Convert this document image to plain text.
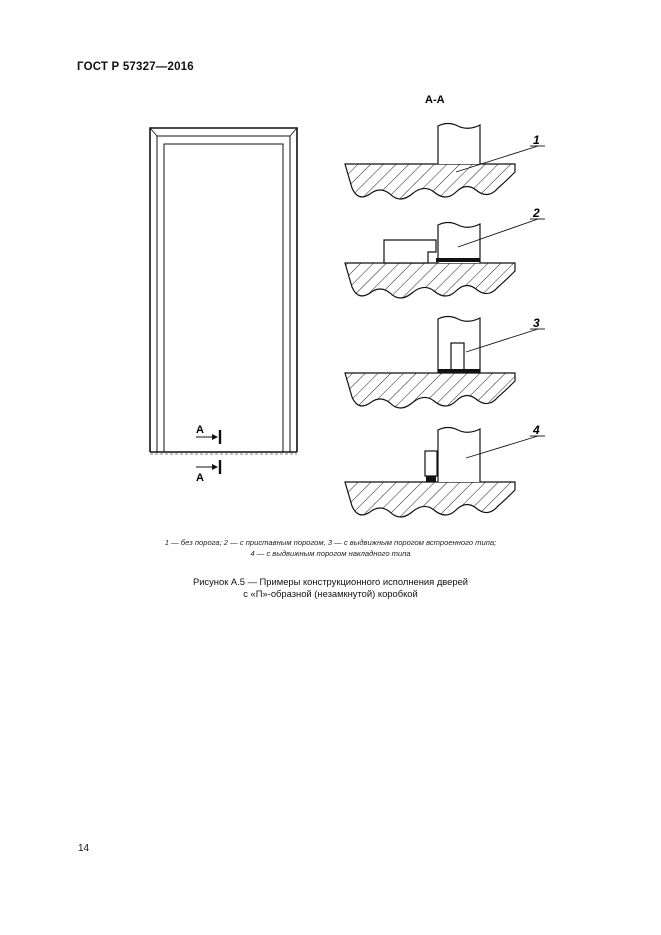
ГОСТ Р 57327—2016
А
А
А-А
1
2
3
4
1 — без порога; 2 — с приставным порогом, 3 — с выдвижным порогом встроенного типа;
4 — с выдвижным порогом накладного типа
Рисунок А.5 — Примеры конструкционного исполнения дверей
с «П»-образной (незамкнутой) коробкой
14
